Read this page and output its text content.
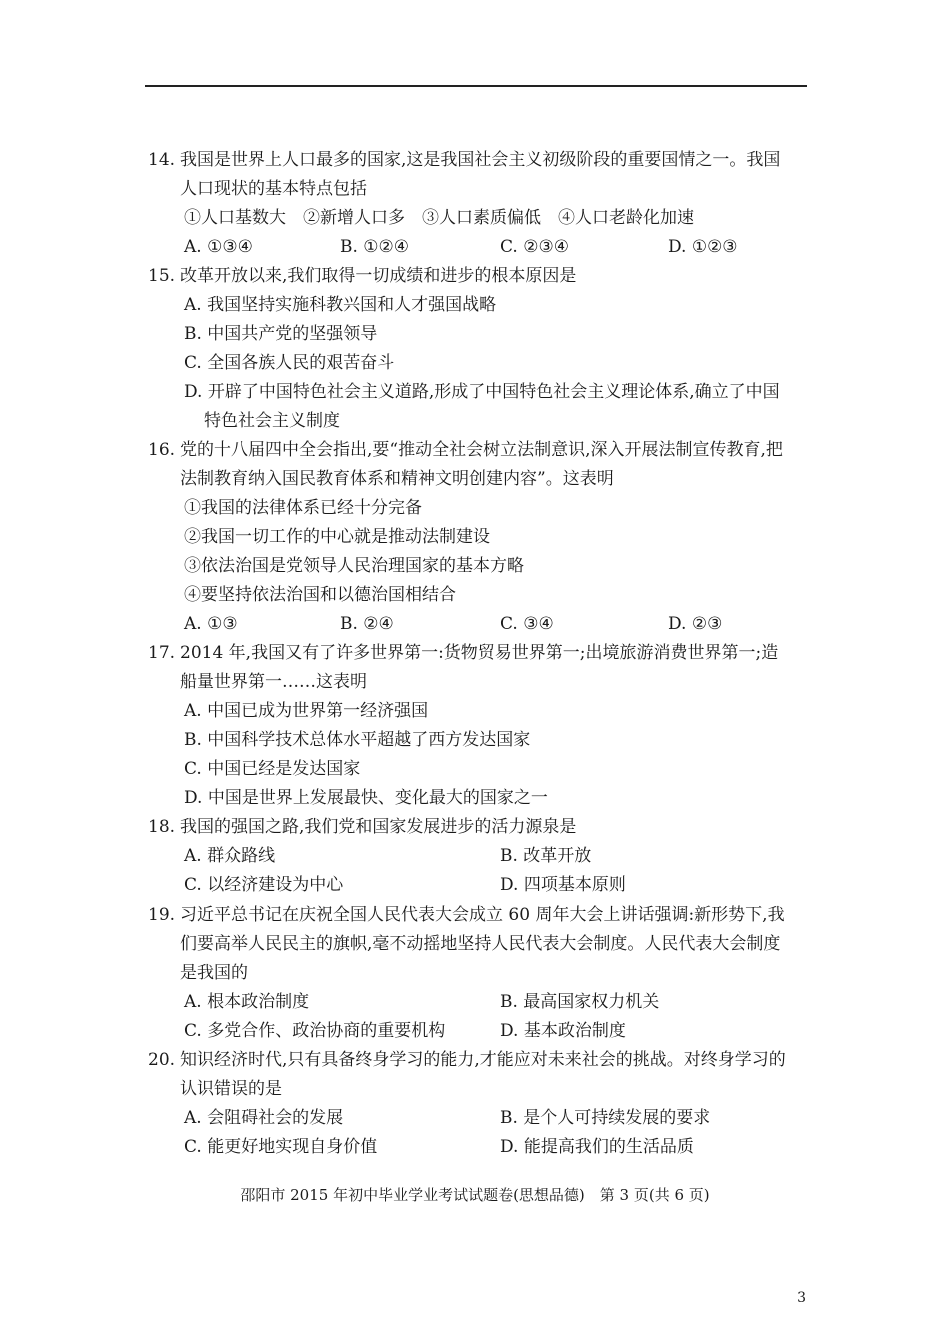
14. 我国是世界上人口最多的国家,这是我国社会主义初级阶段的重要国情之一。我国
人口现状的基本特点包括
①人口基数大　②新增人口多　③人口素质偏低　④人口老龄化加速
A. ①③④	B. ①②④	C. ②③④	D. ①②③
15. 改革开放以来,我们取得一切成绩和进步的根本原因是
A. 我国坚持实施科教兴国和人才强国战略
B. 中国共产党的坚强领导
C. 全国各族人民的艰苦奋斗
D. 开辟了中国特色社会主义道路,形成了中国特色社会主义理论体系,确立了中国
特色社会主义制度
16. 党的十八届四中全会指出,要“推动全社会树立法制意识,深入开展法制宣传教育,把
法制教育纳入国民教育体系和精神文明创建内容”。这表明
①我国的法律体系已经十分完备
②我国一切工作的中心就是推动法制建设
③依法治国是党领导人民治理国家的基本方略
④要坚持依法治国和以德治国相结合
A. ①③	B. ②④	C. ③④	D. ②③
17. 2014 年,我国又有了许多世界第一:货物贸易世界第一;出境旅游消费世界第一;造
船量世界第一……这表明
A. 中国已成为世界第一经济强国
B. 中国科学技术总体水平超越了西方发达国家
C. 中国已经是发达国家
D. 中国是世界上发展最快、变化最大的国家之一
18. 我国的强国之路,我们党和国家发展进步的活力源泉是
A. 群众路线	B. 改革开放
C. 以经济建设为中心	D. 四项基本原则
19. 习近平总书记在庆祝全国人民代表大会成立 60 周年大会上讲话强调:新形势下,我
们要高举人民民主的旗帜,毫不动摇地坚持人民代表大会制度。人民代表大会制度
是我国的
A. 根本政治制度	B. 最高国家权力机关
C. 多党合作、政治协商的重要机构	D. 基本政治制度
20. 知识经济时代,只有具备终身学习的能力,才能应对未来社会的挑战。对终身学习的
认识错误的是
A. 会阻碍社会的发展	B. 是个人可持续发展的要求
C. 能更好地实现自身价值	D. 能提高我们的生活品质
邵阳市 2015 年初中毕业学业考试试题卷(思想品德)　第 3 页(共 6 页)
3
